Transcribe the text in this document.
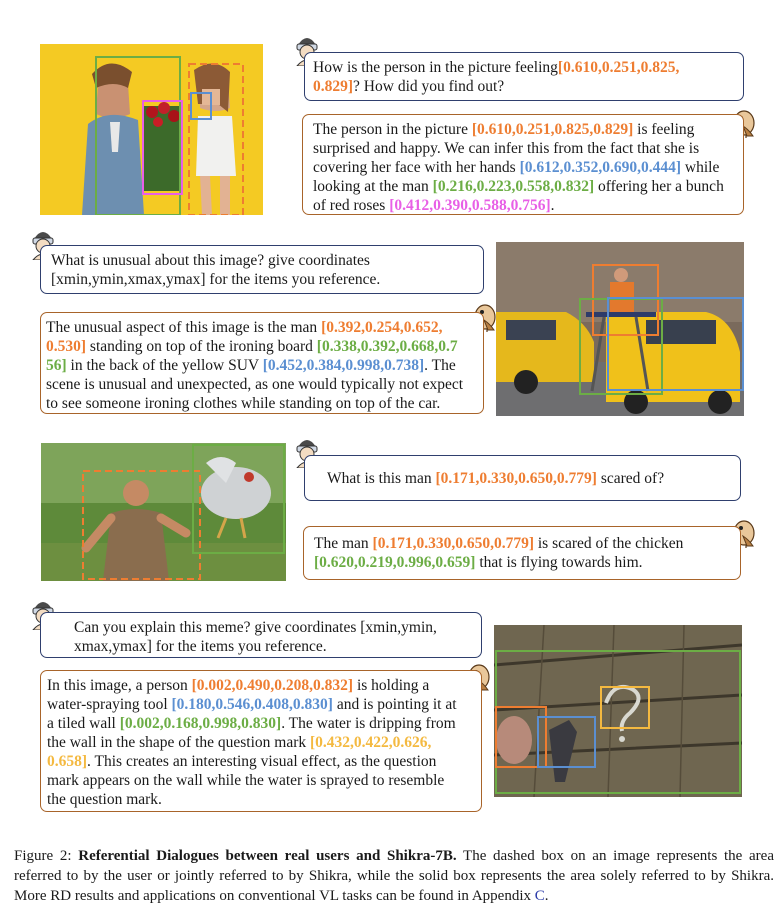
How is the person in the picture feeling[0.610,0.251,0.825,
0.829]? How did you find out?
The person in the picture [0.610,0.251,0.825,0.829] is feeling
surprised and happy. We can infer this from the fact that she is
covering her face with her hands [0.612,0.352,0.690,0.444] while
looking at the man [0.216,0.223,0.558,0.832] offering her a bunch
of red roses [0.412,0.390,0.588,0.756].
What is unusual about this image? give coordinates
[xmin,ymin,xmax,ymax] for the items you reference.
The unusual aspect of this image is the man [0.392,0.254,0.652,
0.530] standing on top of the ironing board [0.338,0.392,0.668,0.7
56] in the back of the yellow SUV [0.452,0.384,0.998,0.738]. The
scene is unusual and unexpected, as one would typically not expect
to see someone ironing clothes while standing on top of the car.
What is this man [0.171,0.330,0.650,0.779] scared of?
The man [0.171,0.330,0.650,0.779] is scared of the chicken
[0.620,0.219,0.996,0.659] that is flying towards him.
Can you explain this meme? give coordinates [xmin,ymin,
xmax,ymax] for the items you reference.
In this image, a person [0.002,0.490,0.208,0.832] is holding a
water-spraying tool [0.180,0.546,0.408,0.830] and is pointing it at
a tiled wall [0.002,0.168,0.998,0.830]. The water is dripping from
the wall in the shape of the question mark [0.432,0.422,0.626,
0.658]. This creates an interesting visual effect, as the question
mark appears on the wall while the water is sprayed to resemble
the question mark.
Figure 2: Referential Dialogues between real users and Shikra-7B. The dashed box on an image represents the area referred to by the user or jointly referred to by Shikra, while the solid box represents the area solely referred to by Shikra. More RD results and applications on conventional VL tasks can be found in Appendix C.
